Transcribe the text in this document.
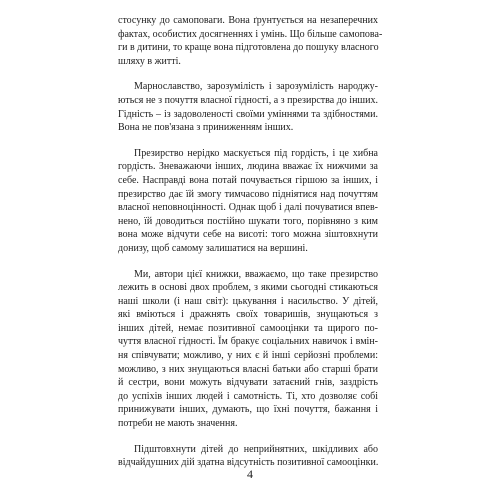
стосунку до самоповаги. Вона ґрунтується на незаперечних
фактах, особистих досягненнях і умінь. Що більше самопова-
ги в дитини, то краще вона підготовлена до пошуку власного
шляху в житті.

Марнославство, зарозумілість і зарозумілість народжу-
ються не з почуття власної гідності, а з презирства до інших.
Гідність – із задоволеності своїми уміннями та здібностями.
Вона не пов'язана з приниженням інших.

Презирство нерідко маскується під гордість, і це хибна
гордість. Зневажаючи інших, людина вважає їх нижчими за
себе. Насправді вона потай почувається гіршою за інших, і
презирство дає їй змогу тимчасово підніятися над почуттям
власної неповноцінності. Однак щоб і далі почуватися впев-
нено, їй доводиться постійно шукати того, порівняно з ким
вона може відчути себе на висоті: того можна зіштовхнути
донизу, щоб самому залишатися на вершині.

Ми, автори цієї книжки, вважаємо, що таке презирство
лежить в основі двох проблем, з якими сьогодні стикаються
наші школи (і наш світ): цькування і насильство. У дітей,
які вміються і дражнять своїх товаришів, знущаються з
інших дітей, немає позитивної самооцінки та щирого по-
чуття власної гідності. Їм бракує соціальних навичок і вмін-
ня співчувати; можливо, у них є й інші серйозні проблеми:
можливо, з них знущаються власні батьки або старші брати
й сестри, вони можуть відчувати затаєний гнів, заздрість
до успіхів інших людей і самотність. Ті, хто дозволяє собі
принижувати інших, думають, що їхні почуття, бажання і
потреби не мають значення.

Підштовхнути дітей до неприйнятних, шкідливих або
відчайдушних дій здатна відсутність позитивної самооцінки.

4
